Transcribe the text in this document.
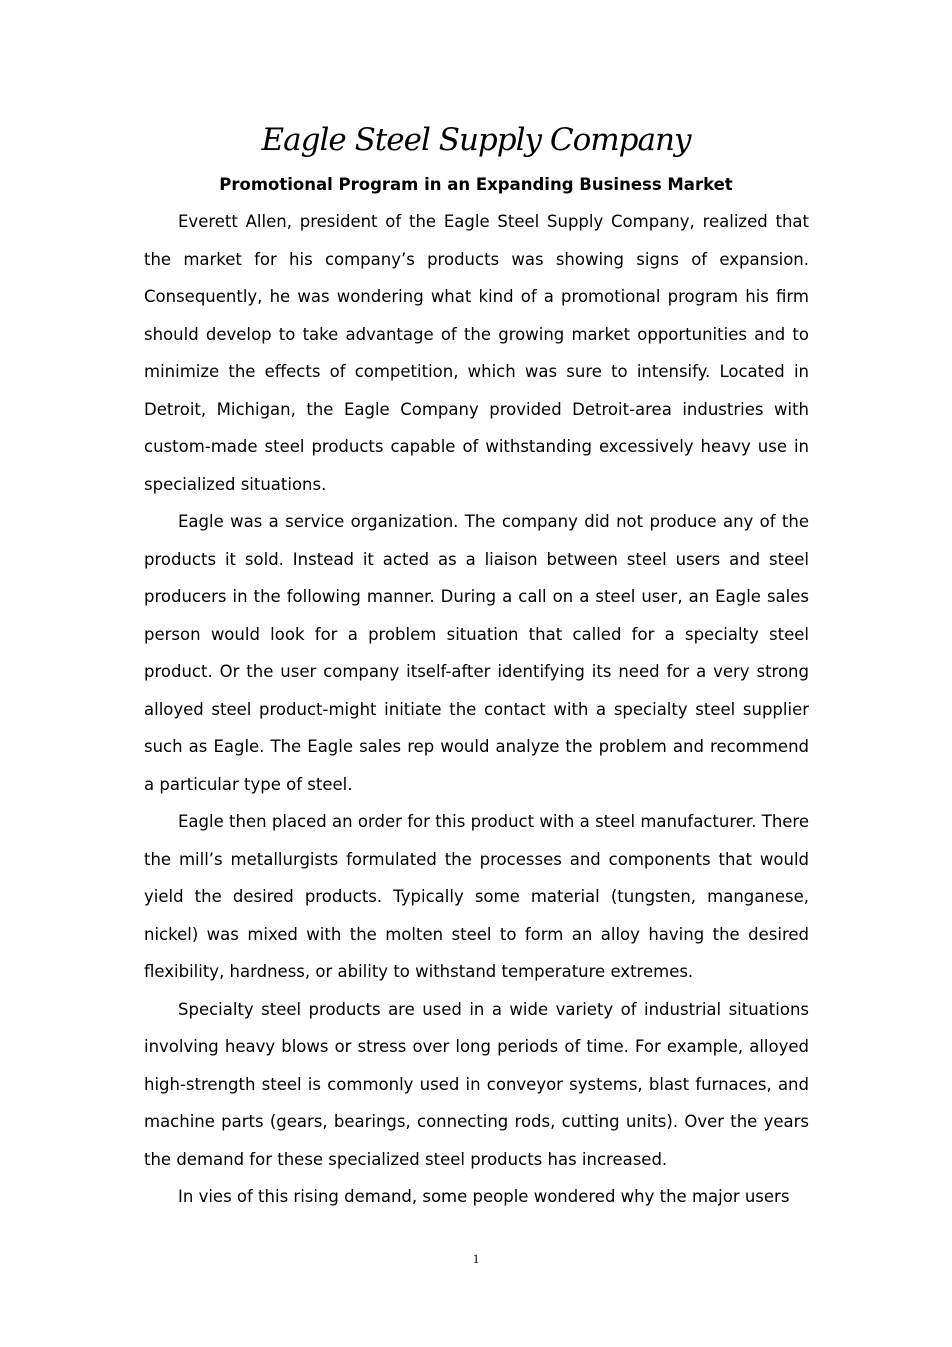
Eagle Steel Supply Company
Promotional Program in an Expanding Business Market

Everett Allen, president of the Eagle Steel Supply Company, realized that the market for his company’s products was showing signs of expansion. Consequently, he was wondering what kind of a promotional program his firm should develop to take advantage of the growing market opportunities and to minimize the effects of competition, which was sure to intensify. Located in Detroit, Michigan, the Eagle Company provided Detroit-area industries with custom-made steel products capable of withstanding excessively heavy use in specialized situations.

Eagle was a service organization. The company did not produce any of the products it sold. Instead it acted as a liaison between steel users and steel producers in the following manner. During a call on a steel user, an Eagle sales person would look for a problem situation that called for a specialty steel product. Or the user company itself-after identifying its need for a very strong alloyed steel product-might initiate the contact with a specialty steel supplier such as Eagle. The Eagle sales rep would analyze the problem and recommend a particular type of steel.

Eagle then placed an order for this product with a steel manufacturer. There the mill’s metallurgists formulated the processes and components that would yield the desired products. Typically some material (tungsten, manganese, nickel) was mixed with the molten steel to form an alloy having the desired flexibility, hardness, or ability to withstand temperature extremes.

Specialty steel products are used in a wide variety of industrial situations involving heavy blows or stress over long periods of time. For example, alloyed high-strength steel is commonly used in conveyor systems, blast furnaces, and machine parts (gears, bearings, connecting rods, cutting units). Over the years the demand for these specialized steel products has increased.

In vies of this rising demand, some people wondered why the major users

1
